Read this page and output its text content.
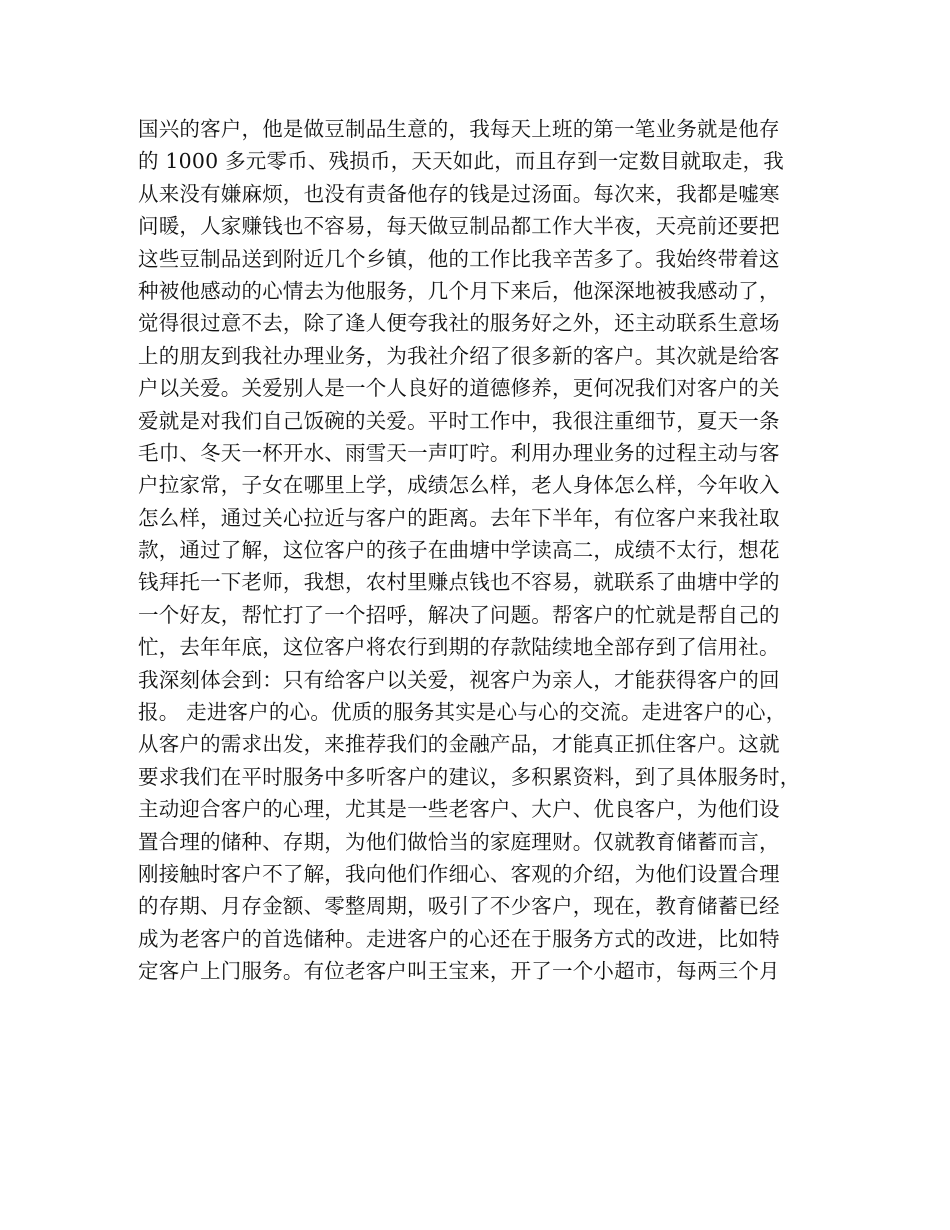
国兴的客户，他是做豆制品生意的，我每天上班的第一笔业务就是他存
的 1000 多元零币、残损币，天天如此，而且存到一定数目就取走，我
从来没有嫌麻烦，也没有责备他存的钱是过汤面。每次来，我都是嘘寒
问暖，人家赚钱也不容易，每天做豆制品都工作大半夜，天亮前还要把
这些豆制品送到附近几个乡镇，他的工作比我辛苦多了。我始终带着这
种被他感动的心情去为他服务，几个月下来后，他深深地被我感动了，
觉得很过意不去，除了逢人便夸我社的服务好之外，还主动联系生意场
上的朋友到我社办理业务，为我社介绍了很多新的客户。其次就是给客
户以关爱。关爱别人是一个人良好的道德修养，更何况我们对客户的关
爱就是对我们自己饭碗的关爱。平时工作中，我很注重细节，夏天一条
毛巾、冬天一杯开水、雨雪天一声叮咛。利用办理业务的过程主动与客
户拉家常，子女在哪里上学，成绩怎么样，老人身体怎么样，今年收入
怎么样，通过关心拉近与客户的距离。去年下半年，有位客户来我社取
款，通过了解，这位客户的孩子在曲塘中学读高二，成绩不太行，想花
钱拜托一下老师，我想，农村里赚点钱也不容易，就联系了曲塘中学的
一个好友，帮忙打了一个招呼，解决了问题。帮客户的忙就是帮自己的
忙，去年年底，这位客户将农行到期的存款陆续地全部存到了信用社。
我深刻体会到：只有给客户以关爱，视客户为亲人，才能获得客户的回
报。 走进客户的心。优质的服务其实是心与心的交流。走进客户的心，
从客户的需求出发，来推荐我们的金融产品，才能真正抓住客户。这就
要求我们在平时服务中多听客户的建议，多积累资料，到了具体服务时，
主动迎合客户的心理，尤其是一些老客户、大户、优良客户，为他们设
置合理的储种、存期，为他们做恰当的家庭理财。仅就教育储蓄而言，
刚接触时客户不了解，我向他们作细心、客观的介绍，为他们设置合理
的存期、月存金额、零整周期，吸引了不少客户，现在，教育储蓄已经
成为老客户的首选储种。走进客户的心还在于服务方式的改进，比如特
定客户上门服务。有位老客户叫王宝来，开了一个小超市，每两三个月
